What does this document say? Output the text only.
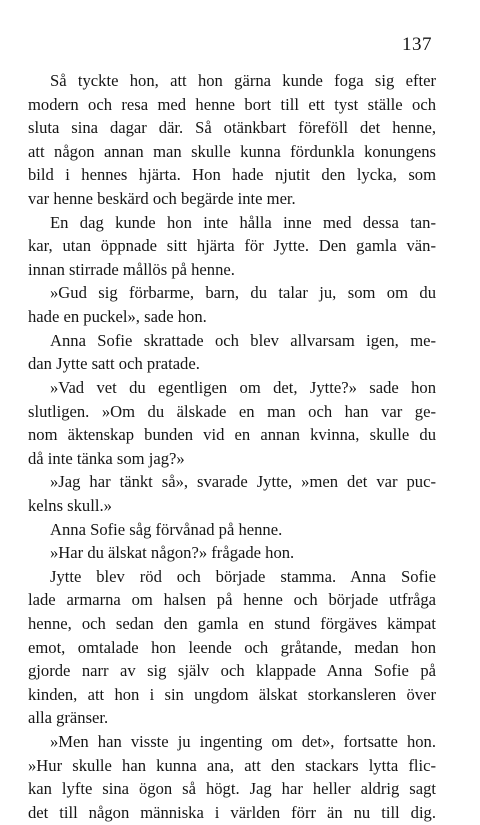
137
Så tyckte hon, att hon gärna kunde foga sig efter
modern och resa med henne bort till ett tyst ställe och
sluta sina dagar där. Så otänkbart föreföll det henne,
att någon annan man skulle kunna fördunkla konungens
bild i hennes hjärta. Hon hade njutit den lycka, som
var henne beskärd och begärde inte mer.
En dag kunde hon inte hålla inne med dessa tan-
kar, utan öppnade sitt hjärta för Jytte. Den gamla vän-
innan stirrade mållös på henne.
»Gud sig förbarme, barn, du talar ju, som om du
hade en puckel», sade hon.
Anna Sofie skrattade och blev allvarsam igen, me-
dan Jytte satt och pratade.
»Vad vet du egentligen om det, Jytte?» sade hon
slutligen. »Om du älskade en man och han var ge-
nom äktenskap bunden vid en annan kvinna, skulle du
då inte tänka som jag?»
»Jag har tänkt så», svarade Jytte, »men det var puc-
kelns skull.»
Anna Sofie såg förvånad på henne.
»Har du älskat någon?» frågade hon.
Jytte blev röd och började stamma. Anna Sofie
lade armarna om halsen på henne och började utfråga
henne, och sedan den gamla en stund förgäves kämpat
emot, omtalade hon leende och gråtande, medan hon
gjorde narr av sig själv och klappade Anna Sofie på
kinden, att hon i sin ungdom älskat storkansleren över
alla gränser.
»Men han visste ju ingenting om det», fortsatte hon.
»Hur skulle han kunna ana, att den stackars lytta flic-
kan lyfte sina ögon så högt. Jag har heller aldrig sagt
det till någon människa i världen förr än nu till dig.
